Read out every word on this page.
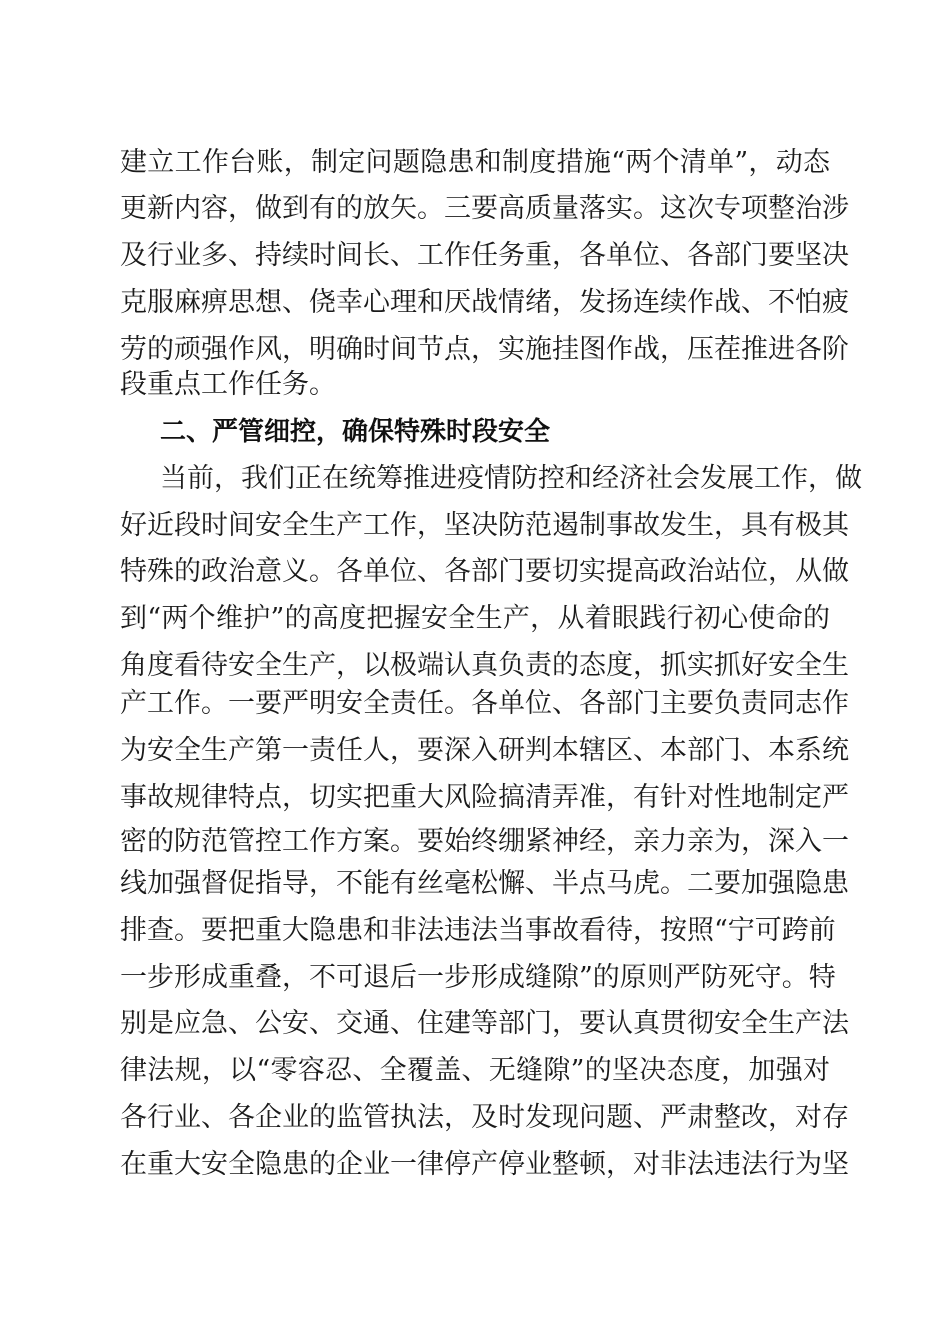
建立工作台账，制定问题隐患和制度措施“两个清单”，动态
更新内容，做到有的放矢。三要高质量落实。这次专项整治涉
及行业多、持续时间长、工作任务重，各单位、各部门要坚决
克服麻痹思想、侥幸心理和厌战情绪，发扬连续作战、不怕疲
劳的顽强作风，明确时间节点，实施挂图作战，压茬推进各阶
段重点工作任务。
二、严管细控，确保特殊时段安全
当前，我们正在统筹推进疫情防控和经济社会发展工作，做
好近段时间安全生产工作，坚决防范遏制事故发生，具有极其
特殊的政治意义。各单位、各部门要切实提高政治站位，从做
到“两个维护”的高度把握安全生产，从着眼践行初心使命的
角度看待安全生产，以极端认真负责的态度，抓实抓好安全生
产工作。一要严明安全责任。各单位、各部门主要负责同志作
为安全生产第一责任人，要深入研判本辖区、本部门、本系统
事故规律特点，切实把重大风险搞清弄准，有针对性地制定严
密的防范管控工作方案。要始终绷紧神经，亲力亲为，深入一
线加强督促指导，不能有丝毫松懈、半点马虎。二要加强隐患
排查。要把重大隐患和非法违法当事故看待，按照“宁可跨前
一步形成重叠，不可退后一步形成缝隙”的原则严防死守。特
别是应急、公安、交通、住建等部门，要认真贯彻安全生产法
律法规，以“零容忍、全覆盖、无缝隙”的坚决态度，加强对
各行业、各企业的监管执法，及时发现问题、严肃整改，对存
在重大安全隐患的企业一律停产停业整顿，对非法违法行为坚
